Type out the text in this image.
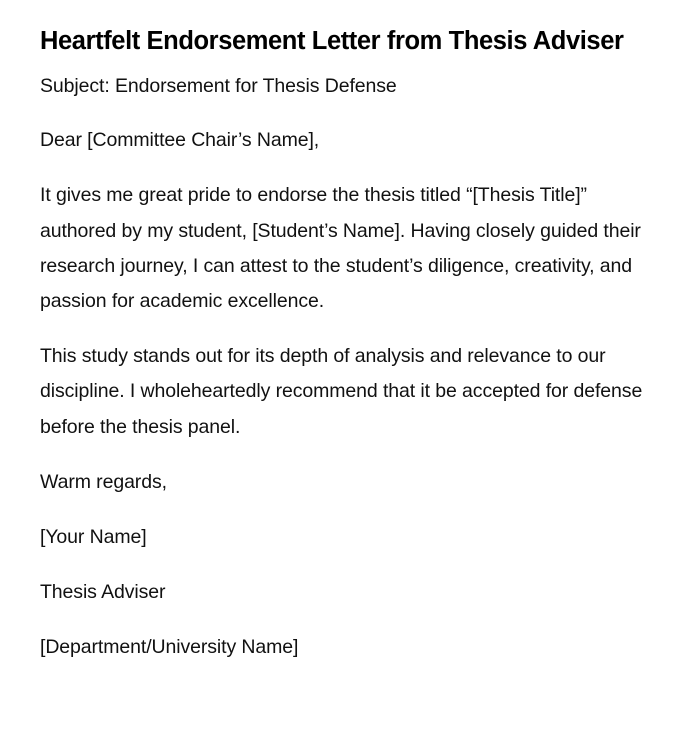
Heartfelt Endorsement Letter from Thesis Adviser

Subject: Endorsement for Thesis Defense

Dear [Committee Chair’s Name],

It gives me great pride to endorse the thesis titled “[Thesis Title]” authored by my student, [Student’s Name]. Having closely guided their research journey, I can attest to the student’s diligence, creativity, and passion for academic excellence.

This study stands out for its depth of analysis and relevance to our discipline. I wholeheartedly recommend that it be accepted for defense before the thesis panel.

Warm regards,

[Your Name]

Thesis Adviser

[Department/University Name]
